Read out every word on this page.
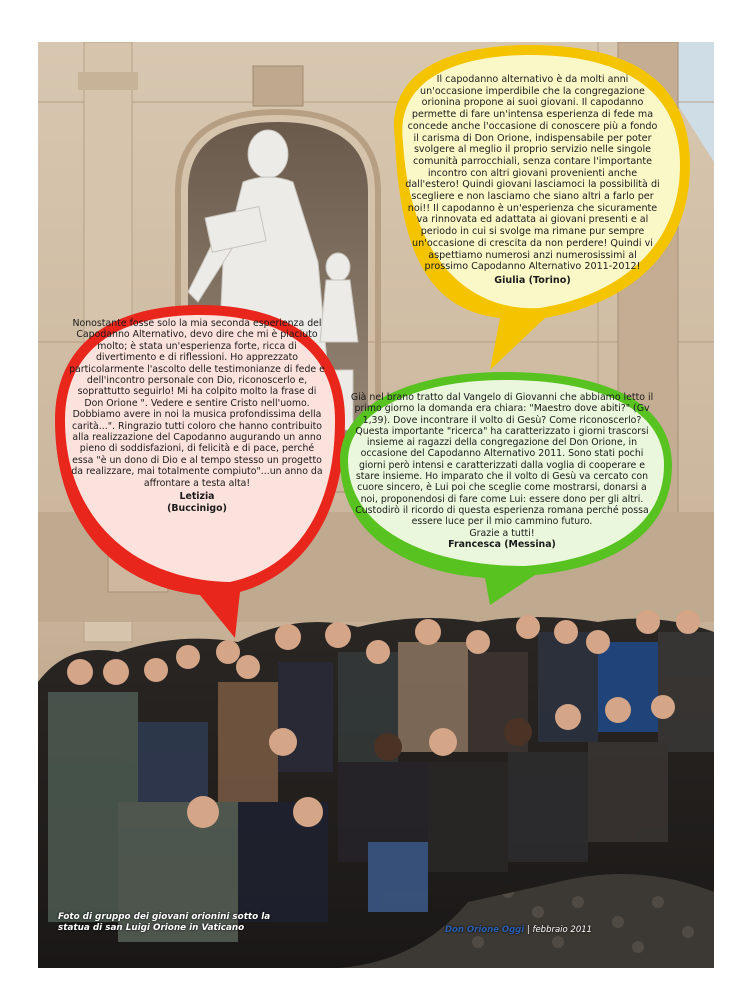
Il capodanno alternativo è da molti anni un'occasione imperdibile che la congregazione orionina propone ai suoi giovani. Il capodanno permette di fare un'intensa esperienza di fede ma concede anche l'occasione di conoscere più a fondo il carisma di Don Orione, indispensabile per poter svolgere al meglio il proprio servizio nelle singole comunità parrocchiali, senza contare l'importante incontro con altri giovani provenienti anche dall'estero! Quindi giovani lasciamoci la possibilità di scegliere e non lasciamo che siano altri a farlo per noi!! Il capodanno è un'esperienza che sicuramente va rinnovata ed adattata ai giovani presenti e al periodo in cui si svolge ma rimane pur sempre un'occasione di crescita da non perdere! Quindi vi aspettiamo numerosi anzi numerosissimi al prossimo Capodanno Alternativo 2011-2012!

Giulia (Torino)

Nonostante fosse solo la mia seconda esperienza del Capodanno Alternativo, devo dire che mi è piaciuto molto; è stata un'esperienza forte, ricca di divertimento e di riflessioni. Ho apprezzato particolarmente l'ascolto delle testimonianze di fede e dell'incontro personale con Dio, riconoscerlo e, soprattutto seguirlo! Mi ha colpito molto la frase di Don Orione ". Vedere e sentire Cristo nell'uomo. Dobbiamo avere in noi la musica profondissima della carità...". Ringrazio tutti coloro che hanno contribuito alla realizzazione del Capodanno augurando un anno pieno di soddisfazioni, di felicità e di pace, perché essa "è un dono di Dio e al tempo stesso un progetto da realizzare, mai totalmente compiuto"...un anno da affrontare a testa alta!

Letizia

(Buccinigo)

Già nel brano tratto dal Vangelo di Giovanni che abbiamo letto il primo giorno la domanda era chiara: "Maestro dove abiti?" (Gv 1,39). Dove incontrare il volto di Gesù? Come riconoscerlo? Questa importante "ricerca" ha caratterizzato i giorni trascorsi insieme ai ragazzi della congregazione del Don Orione, in occasione del Capodanno Alternativo 2011. Sono stati pochi giorni però intensi e caratterizzati dalla voglia di cooperare e stare insieme. Ho imparato che il volto di Gesù va cercato con cuore sincero, è Lui poi che sceglie come mostrarsi, donarsi a noi, proponendosi di fare come Lui: essere dono per gli altri. Custodirò il ricordo di questa esperienza romana perché possa essere luce per il mio cammino futuro.

Grazie a tutti!

Francesca (Messina)

Foto di gruppo dei giovani orionini sotto la
statua di san Luigi Orione in Vaticano	Don Orione Oggi | febbraio 2011
